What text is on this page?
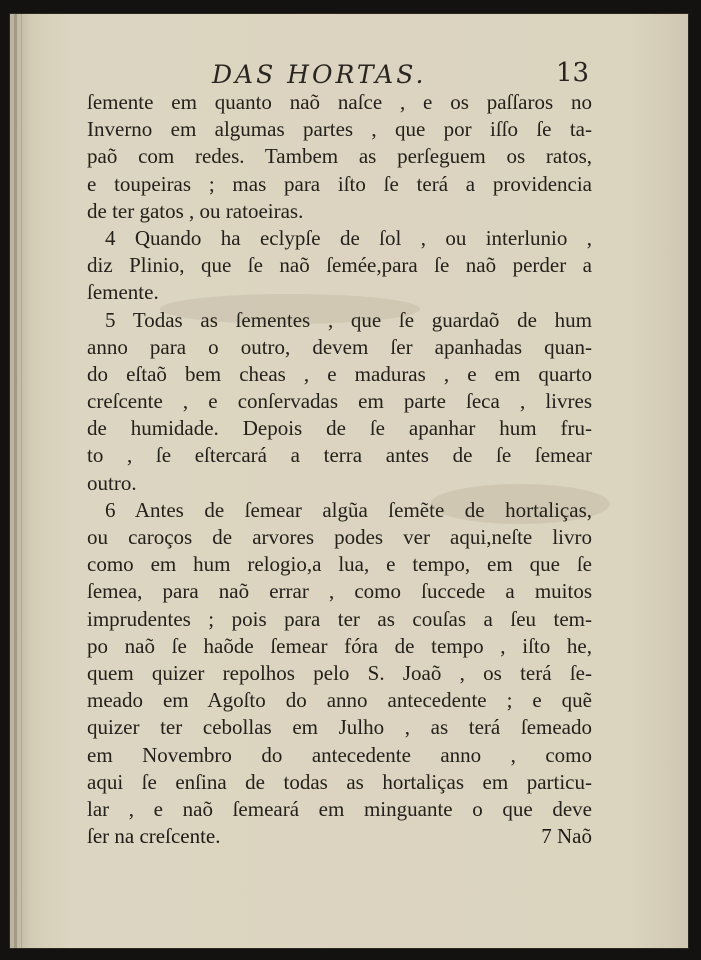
DAS HORTAS.	13
ſemente em quanto naõ naſce , e os paſſaros no
Inverno em algumas partes , que por iſſo ſe ta-
paõ com redes. Tambem as perſeguem os ratos,
e toupeiras ; mas para iſto ſe terá a providencia
de ter gatos , ou ratoeiras.
4 Quando ha eclypſe de ſol , ou interlunio ,
diz Plinio, que ſe naõ ſemée,para ſe naõ perder a
ſemente.
5 Todas as ſementes , que ſe guardaõ de hum
anno para o outro, devem ſer apanhadas quan-
do eſtaõ bem cheas , e maduras , e em quarto
creſcente , e conſervadas em parte ſeca , livres
de humidade. Depois de ſe apanhar hum fru-
to , ſe eſtercará a terra antes de ſe ſemear
outro.
6 Antes de ſemear algũa ſemẽte de hortaliças,
ou caroços de arvores podes ver aqui,neſte livro
como em hum relogio,a lua, e tempo, em que ſe
ſemea, para naõ errar , como ſuccede a muitos
imprudentes ; pois para ter as couſas a ſeu tem-
po naõ ſe haõde ſemear fóra de tempo , iſto he,
quem quizer repolhos pelo S. Joaõ , os terá ſe-
meado em Agoſto do anno antecedente ; e quẽ
quizer ter cebollas em Julho , as terá ſemeado
em Novembro do antecedente anno , como
aqui ſe enſina de todas as hortaliças em particu-
lar , e naõ ſemeará em minguante o que deve
ſer na creſcente.	7 Naõ
